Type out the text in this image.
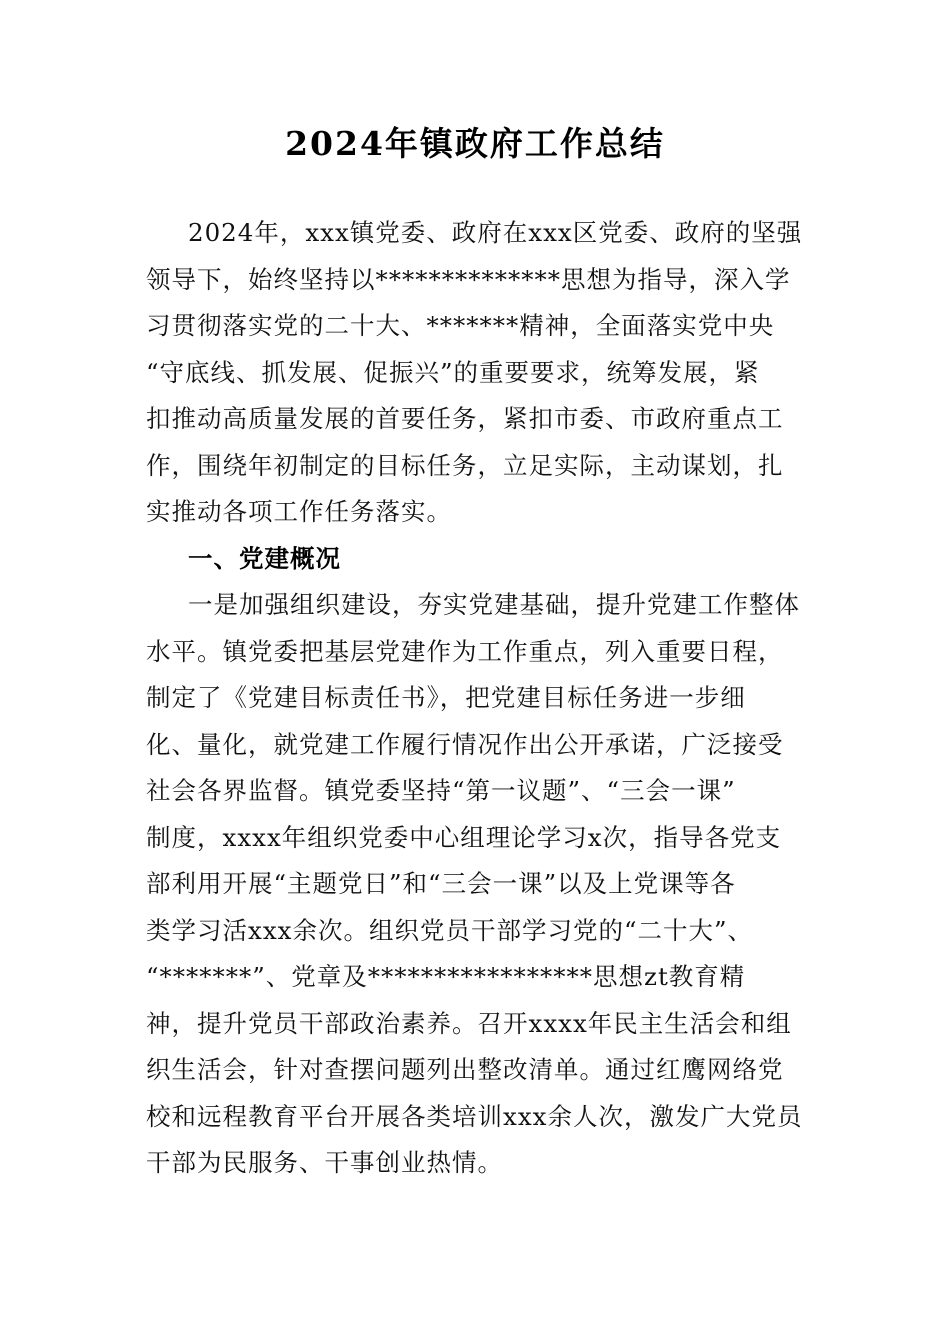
2024年镇政府工作总结
2024年，xxx镇党委、政府在xxx区党委、政府的坚强
领导下，始终坚持以**************思想为指导，深入学
习贯彻落实党的二十大、*******精神，全面落实党中央
“守底线、抓发展、促振兴”的重要要求，统筹发展，紧
扣推动高质量发展的首要任务，紧扣市委、市政府重点工
作，围绕年初制定的目标任务，立足实际，主动谋划，扎
实推动各项工作任务落实。
一、党建概况
一是加强组织建设，夯实党建基础，提升党建工作整体
水平。镇党委把基层党建作为工作重点，列入重要日程，
制定了《党建目标责任书》，把党建目标任务进一步细
化、量化，就党建工作履行情况作出公开承诺，广泛接受
社会各界监督。镇党委坚持“第一议题”、“三会一课”
制度，xxxx年组织党委中心组理论学习x次，指导各党支
部利用开展“主题党日”和“三会一课”以及上党课等各
类学习活xxx余次。组织党员干部学习党的“二十大”、
“*******”、党章及*****************思想zt教育精
神，提升党员干部政治素养。召开xxxx年民主生活会和组
织生活会，针对查摆问题列出整改清单。通过红鹰网络党
校和远程教育平台开展各类培训xxx余人次，激发广大党员
干部为民服务、干事创业热情。
